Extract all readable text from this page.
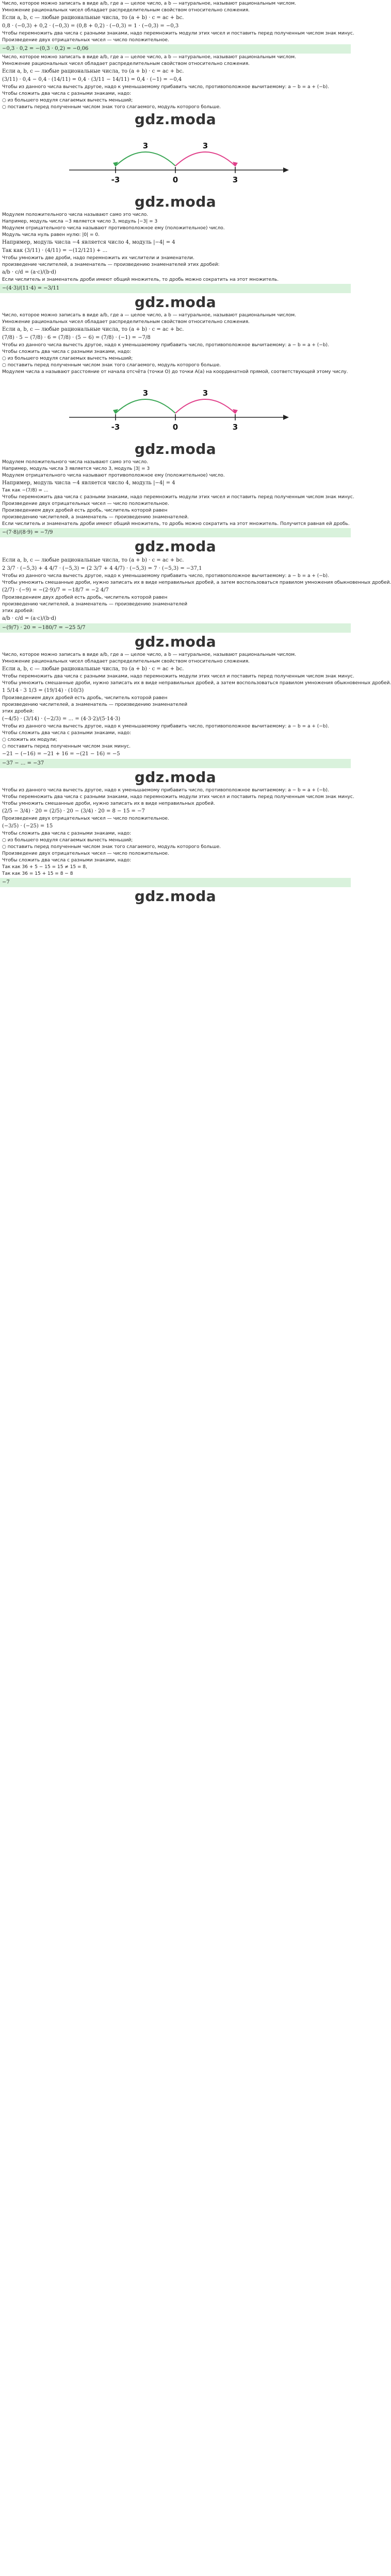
Число, которое можно записать в виде a/b, где a — целое число, а b — натуральное, называют рациональным числом.
Умножение рациональных чисел обладает распределительным свойством относительно сложения.
Если a, b, c — любые рациональные числа, то (a + b) · c = ac + bc.
0,8 · (−0,3) + 0,2 · (−0,3) = (0,8 + 0,2) · (−0,3) = 1 · (−0,3) = −0,3
Чтобы перемножить два числа с разными знаками, надо перемножить модули этих чисел и поставить перед полученным числом знак минус.
Произведение двух отрицательных чисел — число положительное.
−0,3 · 0,2 = −(0,3 · 0,2) = −0,06
Число, которое можно записать в виде a/b, где a — целое число, а b — натуральное, называют рациональным числом.
Умножение рациональных чисел обладает распределительным свойством относительно сложения.
Если a, b, c — любые рациональные числа, то (a + b) · c = ac + bc.
(3/11) · 0,4 − 0,4 · (14/11) = 0,4 · (3/11 − 14/11) = 0,4 · (−1) = −0,4
Чтобы из данного числа вычесть другое, надо к уменьшаемому прибавить число, противоположное вычитаемому: a − b = a + (−b).
Чтобы сложить два числа с разными знаками, надо:
○ из большего модуля слагаемых вычесть меньший;
○ поставить перед полученным числом знак того слагаемого, модуль которого больше.
gdz.moda
-3	0	3
3	3
gdz.moda
Модулем положительного числа называют само это число.
Например, модуль числа −3 является число 3, модуль |−3| = 3
Модулем отрицательного числа называют противоположное ему (положительное) число.
Модуль числа нуль равен нулю: |0| = 0.
Например, модуль числа −4 является число 4, модуль |−4| = 4
Так как (3/11) · (4/11) = −(12/121) + ...
Чтобы умножить две дроби, надо перемножить их числители и знаменатели.
произведение числителей, а знаменатель — произведению знаменателей этих дробей:
a/b · c/d = (a·c)/(b·d)
Если числитель и знаменатель дроби имеют общий множитель, то дробь можно сократить на этот множитель.
−(4·3)/(11·4) = −3/11
gdz.moda
Число, которое можно записать в виде a/b, где a — целое число, а b — натуральное, называют рациональным числом.
Умножение рациональных чисел обладает распределительным свойством относительно сложения.
Если a, b, c — любые рациональные числа, то (a + b) · c = ac + bc.
(7/8) · 5 − (7/8) · 6 = (7/8) · (5 − 6) = (7/8) · (−1) = −7/8
Чтобы из данного числа вычесть другое, надо к уменьшаемому прибавить число, противоположное вычитаемому: a − b = a + (−b).
Чтобы сложить два числа с разными знаками, надо:
○ из большего модуля слагаемых вычесть меньший;
○ поставить перед полученным числом знак того слагаемого, модуль которого больше.
Модулем числа a называют расстояние от начала отсчёта (точки O) до точки A(a) на координатной прямой, соответствующей этому числу.
-3	0	3
3	3
gdz.moda
Модулем положительного числа называют само это число.
Например, модуль числа 3 является число 3, модуль |3| = 3
Модулем отрицательного числа называют противоположное ему (положительное) число.
Например, модуль числа −4 является число 4, модуль |−4| = 4
Так как −(7/8) = ...
Чтобы перемножить два числа с разными знаками, надо перемножить модули этих чисел и поставить перед полученным числом знак минус.
Произведение двух отрицательных чисел — число положительное.
Произведением двух дробей есть дробь, числитель которой равен
произведению числителей, а знаменатель — произведению знаменателей.
Если числитель и знаменатель дроби имеют общий множитель, то дробь можно сократить на этот множитель. Получится равная ей дробь.
−(7·8)/(8·9) = −7/9
gdz.moda
Если a, b, c — любые рациональные числа, то (a + b) · c = ac + bc.
2 3/7 · (−5,3) + 4 4/7 · (−5,3) = (2 3/7 + 4 4/7) · (−5,3) = 7 · (−5,3) = −37,1
Чтобы из данного числа вычесть другое, надо к уменьшаемому прибавить число, противоположное вычитаемому: a − b = a + (−b).
Чтобы умножить смешанные дроби, нужно записать их в виде неправильных дробей, а затем воспользоваться правилом умножения обыкновенных дробей.
(2/7) · (−9) = −(2·9)/7 = −18/7 = −2 4/7
Произведением двух дробей есть дробь, числитель которой равен
произведению числителей, а знаменатель — произведению знаменателей
этих дробей:
a/b · c/d = (a·c)/(b·d)
−(9/7) · 20 = −180/7 = −25 5/7
gdz.moda
Число, которое можно записать в виде a/b, где a — целое число, а b — натуральное, называют рациональным числом.
Умножение рациональных чисел обладает распределительным свойством относительно сложения.
Если a, b, c — любые рациональные числа, то (a + b) · c = ac + bc.
Чтобы перемножить два числа с разными знаками, надо перемножить модули этих чисел и поставить перед полученным числом знак минус.
Чтобы умножить смешанные дроби, нужно записать их в виде неправильных дробей, а затем воспользоваться правилом умножения обыкновенных дробей.
1 5/14 · 3 1/3 = (19/14) · (10/3)
Произведением двух дробей есть дробь, числитель которой равен
произведению числителей, а знаменатель — произведению знаменателей
этих дробей:
(−4/5) · (3/14) · (−2/3) = ... = (4·3·2)/(5·14·3)
Чтобы из данного числа вычесть другое, надо к уменьшаемому прибавить число, противоположное вычитаемому: a − b = a + (−b).
Чтобы сложить два числа с разными знаками, надо:
○ сложить их модули;
○ поставить перед полученным числом знак минус.
−21 − (−16) = −21 + 16 = −(21 − 16) = −5
−37 − ... = −37
gdz.moda
Чтобы из данного числа вычесть другое, надо к уменьшаемому прибавить число, противоположное вычитаемому: a − b = a + (−b).
Чтобы перемножить два числа с разными знаками, надо перемножить модули этих чисел и поставить перед полученным числом знак минус.
Чтобы умножить смешанные дроби, нужно записать их в виде неправильных дробей.
(2/5 − 3/4) · 20 = (2/5) · 20 − (3/4) · 20 = 8 − 15 = −7
Произведение двух отрицательных чисел — число положительное.
(−3/5) · (−25) = 15
Чтобы сложить два числа с разными знаками, надо:
○ из большего модуля слагаемых вычесть меньший;
○ поставить перед полученным числом знак того слагаемого, модуль которого больше.
Произведение двух отрицательных чисел — число положительное.
Чтобы сложить два числа с разными знаками, надо:
Так как 36 + 5 − 15 = 15 ≠ 15 = 8,
Так как 36 = 15 + 15 = 8 − 8
−7
gdz.moda
